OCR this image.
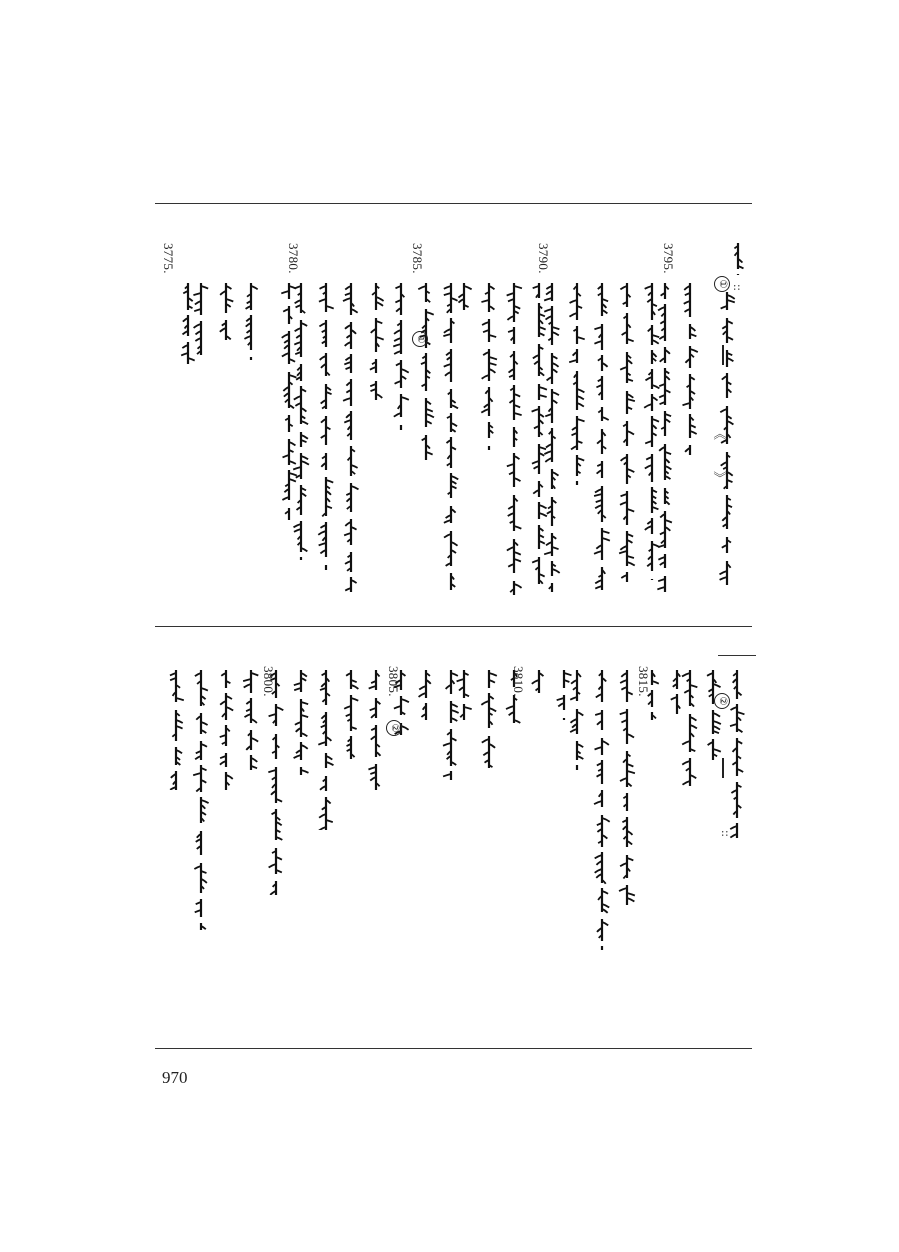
3795.
3790.
3785.
3780.
3775.
3815.
3810.
3805.
3800.
①
②
①
②
《
》
::
::
970
